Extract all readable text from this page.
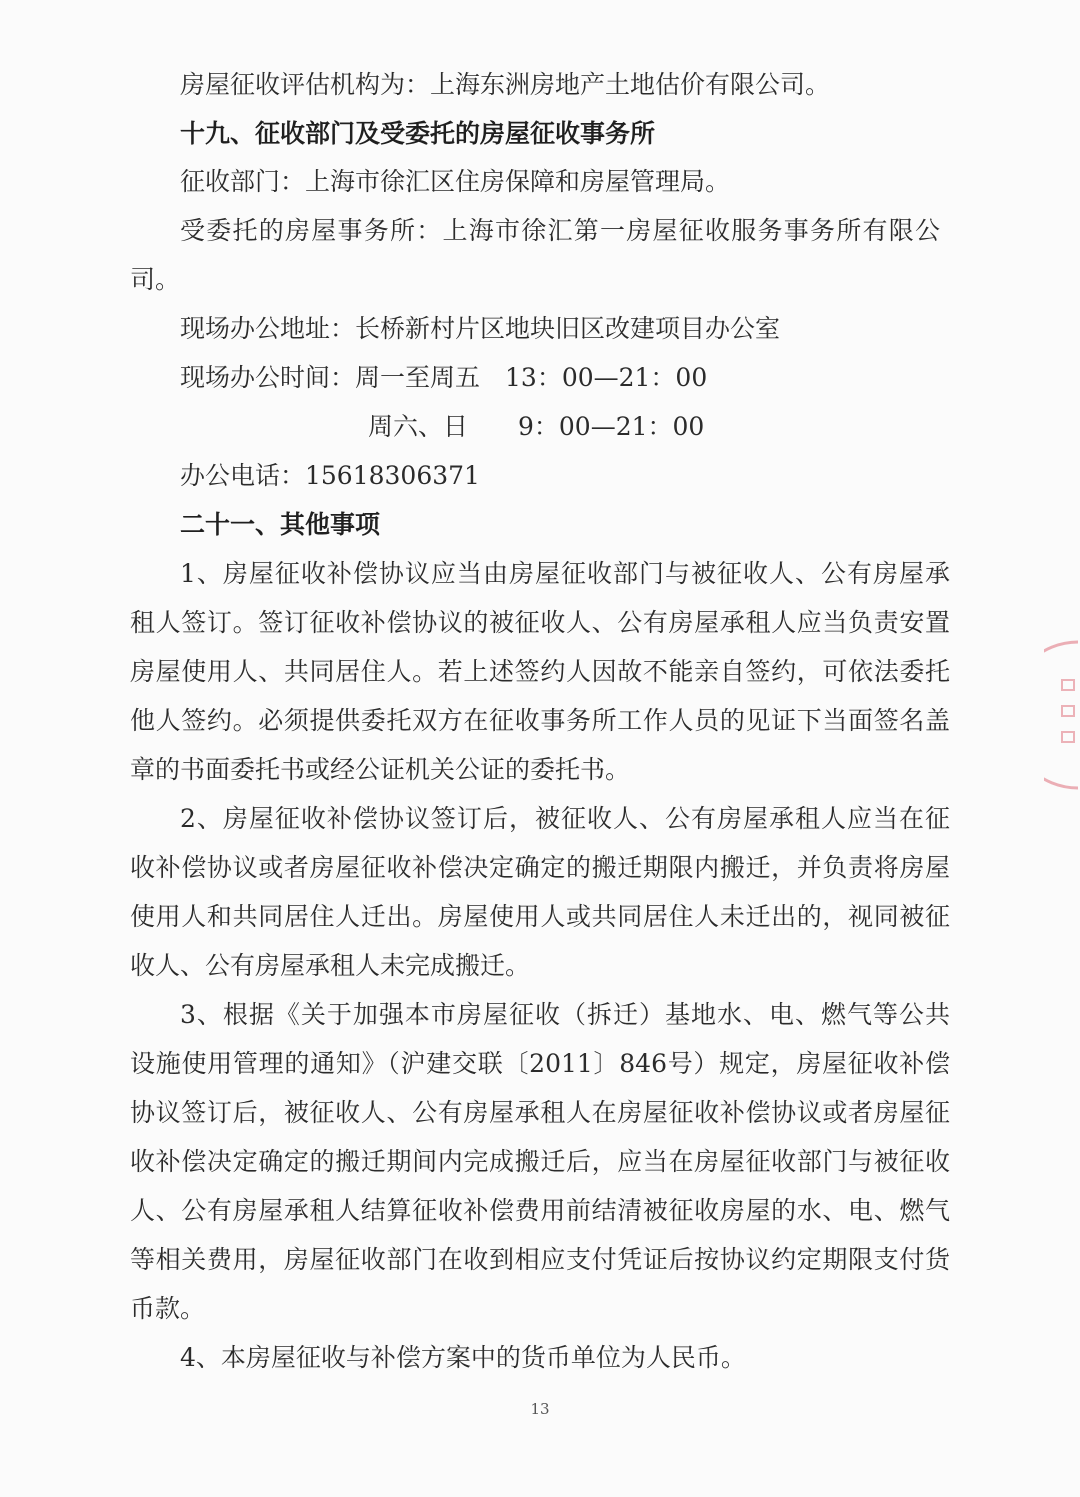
房屋征收评估机构为：上海东洲房地产土地估价有限公司。
十九、征收部门及受委托的房屋征收事务所
征收部门：上海市徐汇区住房保障和房屋管理局。
受委托的房屋事务所：上海市徐汇第一房屋征收服务事务所有限公
司。
现场办公地址：长桥新村片区地块旧区改建项目办公室
现场办公时间：周一至周五　13：00—21：00
周六、日　　9：00—21：00
办公电话：15618306371
二十一、其他事项
1、房屋征收补偿协议应当由房屋征收部门与被征收人、公有房屋承
租人签订。签订征收补偿协议的被征收人、公有房屋承租人应当负责安置
房屋使用人、共同居住人。若上述签约人因故不能亲自签约，可依法委托
他人签约。必须提供委托双方在征收事务所工作人员的见证下当面签名盖
章的书面委托书或经公证机关公证的委托书。
2、房屋征收补偿协议签订后，被征收人、公有房屋承租人应当在征
收补偿协议或者房屋征收补偿决定确定的搬迁期限内搬迁，并负责将房屋
使用人和共同居住人迁出。房屋使用人或共同居住人未迁出的，视同被征
收人、公有房屋承租人未完成搬迁。
3、根据《关于加强本市房屋征收（拆迁）基地水、电、燃气等公共
设施使用管理的通知》（沪建交联〔2011〕846号）规定，房屋征收补偿
协议签订后，被征收人、公有房屋承租人在房屋征收补偿协议或者房屋征
收补偿决定确定的搬迁期间内完成搬迁后，应当在房屋征收部门与被征收
人、公有房屋承租人结算征收补偿费用前结清被征收房屋的水、电、燃气
等相关费用，房屋征收部门在收到相应支付凭证后按协议约定期限支付货
币款。
4、本房屋征收与补偿方案中的货币单位为人民币。
13
